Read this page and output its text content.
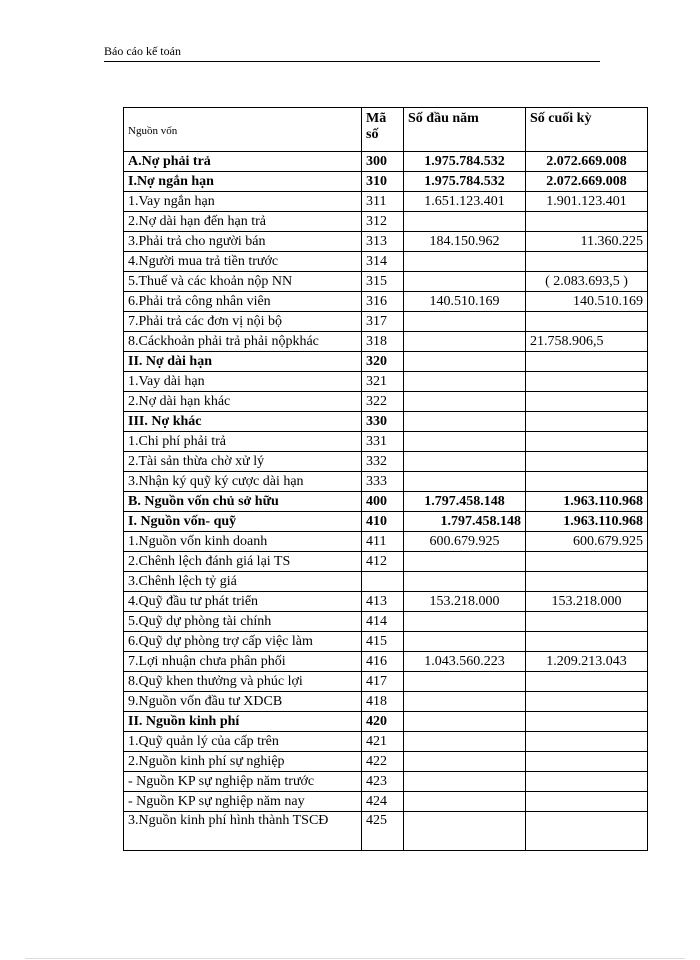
Báo cáo kế toán
Nguồn vốn	Mã số	Số đầu năm	Số cuối kỳ
A.Nợ phải trả	300	1.975.784.532	2.072.669.008
I.Nợ ngắn hạn	310	1.975.784.532	2.072.669.008
1.Vay ngắn hạn	311	1.651.123.401	1.901.123.401
2.Nợ dài hạn đến hạn trả	312		
3.Phải trả cho người bán	313	184.150.962	11.360.225
4.Người mua trả tiền trước	314		
5.Thuế và các khoản nộp NN	315		( 2.083.693,5 )
6.Phải trả công nhân viên	316	140.510.169	140.510.169
7.Phải trả các đơn vị nội bộ	317		
8.Cáckhoản phải trả phải nộpkhác	318		21.758.906,5
II. Nợ dài hạn	320		
1.Vay dài hạn	321		
2.Nợ dài hạn khác	322		
III. Nợ khác	330		
1.Chi phí phải trả	331		
2.Tài sản thừa chờ xử lý	332		
3.Nhận ký quỹ ký cược dài hạn	333		
B. Nguồn vốn chủ sở hữu	400	1.797.458.148	1.963.110.968
I. Nguồn vốn- quỹ	410	1.797.458.148	1.963.110.968
1.Nguồn vốn kinh doanh	411	600.679.925	600.679.925
2.Chênh lệch đánh giá lại TS	412		
3.Chênh lệch tỷ giá			
4.Quỹ đầu tư phát triển	413	153.218.000	153.218.000
5.Quỹ dự phòng tài chính	414		
6.Quỹ dự phòng trợ cấp việc làm	415		
7.Lợi nhuận chưa phân phối	416	1.043.560.223	1.209.213.043
8.Quỹ khen thưởng và phúc lợi	417		
9.Nguồn vốn đầu tư XDCB	418		
II. Nguồn kinh phí	420		
1.Quỹ quản lý của cấp trên	421		
2.Nguồn kinh phí sự nghiệp	422		
- Nguồn KP sự nghiệp năm trước	423		
- Nguồn KP sự nghiệp năm nay	424		
3.Nguồn kinh phí hình thành TSCĐ	425		
